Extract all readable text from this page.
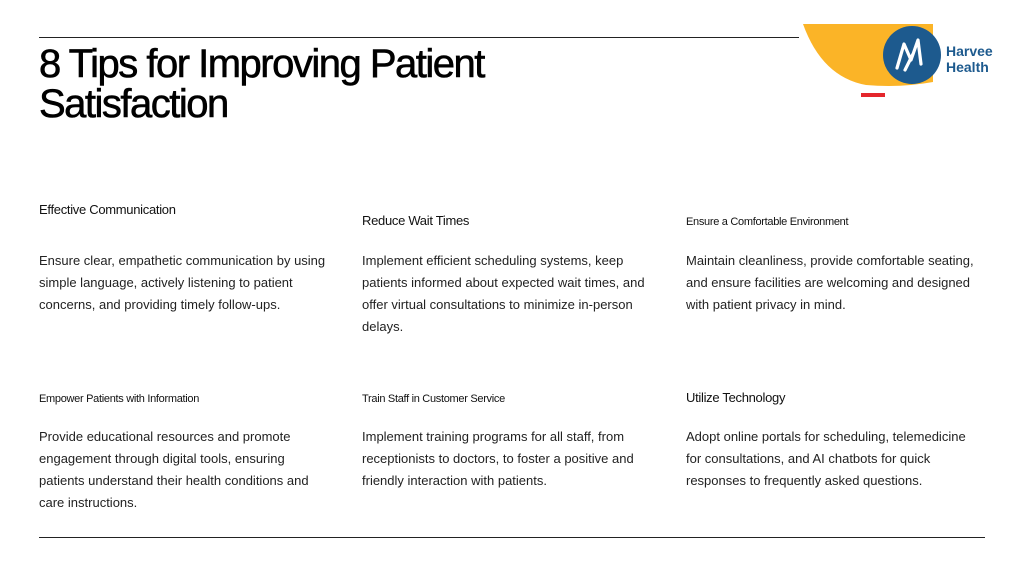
8 Tips for Improving Patient Satisfaction
Harvee
Health
Effective Communication

Ensure clear, empathetic communication by using simple language, actively listening to patient concerns, and providing timely follow-ups.

Reduce Wait Times

Implement efficient scheduling systems, keep patients informed about expected wait times, and offer virtual consultations to minimize in-person delays.

Ensure a Comfortable Environment

Maintain cleanliness, provide comfortable seating, and ensure facilities are welcoming and designed with patient privacy in mind.

Empower Patients with Information

Provide educational resources and promote engagement through digital tools, ensuring patients understand their health conditions and care instructions.

Train Staff in Customer Service

Implement training programs for all staff, from receptionists to doctors, to foster a positive and friendly interaction with patients.

Utilize Technology

Adopt online portals for scheduling, telemedicine for consultations, and AI chatbots for quick responses to frequently asked questions.
